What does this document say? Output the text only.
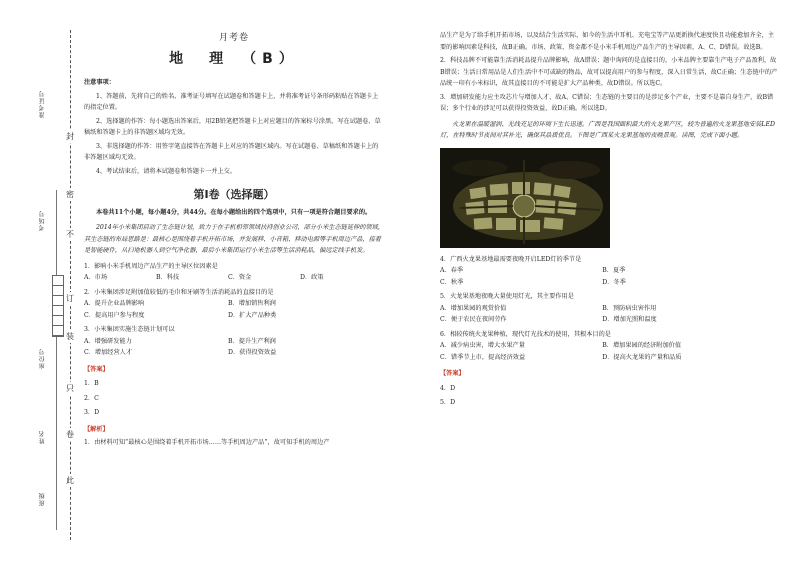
封
密
不
订
装
只
卷
此
准考证号
考场号
座位号
姓名
班级
月考卷
地　理　（B）
注意事项：

1、答题前，先将自己的姓名、准考证号填写在试题卷和答题卡上，并将准考证号条形码粘贴在答题卡上的指定位置。

2、选择题的作答：每小题选出答案后，用2B铅笔把答题卡上对应题目的答案标号涂黑，写在试题卷、草稿纸和答题卡上的非答题区域均无效。

3、非选择题的作答：用签字笔直接答在答题卡上对应的答题区域内。写在试题卷、草稿纸和答题卡上的非答题区域均无效。

4、考试结束后，请将本试题卷和答题卡一并上交。

第Ⅰ卷（选择题）
本卷共11个小题，每小题4分，共44分。在每小题给出的四个选项中，只有一项是符合题目要求的。

2014年小米集团启动了生态链计划，致力于在手机相邻领域扶持创业公司，部分小米生态链延伸的领域，其生态链的布局思路是：最核心是围绕着手机开拓市场，并发展移、小音箱、移动电源等手机周边产品，接着是智能硬件，从扫地机器人到空气净化器，最后小米集团运行小米生活等生活消耗品，偏远定线手机发。

1．影响小米手机周边产品生产的主导区位因素是
A．市场	B．科技	C．资金	D．政策
2．小米集团涉足附加值较低的毛巾和牙刷等生活消耗品的直接目的是
A．提升企业品牌影响	B．增加销售利润
C．提高用户参与程度	D．扩大产品种类
3．小米集团实施生态链计划可以
A．增强研发能力	B．提升生产利润
C．增加经营人才	D．获得投资效益
【答案】
1．B
2．C
3．D
【解析】
1．由材料可知“最核心是围绕着手机开拓市场……等手机周边产品”，故可知手机的周边产

品生产是为了给手机开拓市场，以及结合生活实际，如今的生活中耳机、充电宝等产品更新换代速度快且功能愈加齐全，主要的影响因素是科技，故B正确。市场、政策、资金都不是小米手机周边产品生产的主导因素，A、C、D错误。故选B。

2．科技品牌不可能靠生活消耗品提升品牌影响，故A错误；题中询问的是直接目的，小米品牌主要靠生产电子产品盈利，故B错误；生活日常用品是人们生活中不可或缺的物品，故可以提高用户的参与程度，深入日常生活，故C正确；生态链中的产品统一印有小米标识，故其直接目的不可能是扩大产品种类，故D错误。所以选C。

3．增加研发能力应主攻芯片与增加人才，故A、C错误；生态链的主要目的是涉足多个产业，主要不是靠自身生产，故B错误；多个行业的涉足可以获得投资效益，故D正确。所以选D。

火龙果在温暖湿润、光线充足的环境下生长迅速。广西是我国面积最大的火龙果产区，较为普遍的火龙果基地安装LED灯，在特殊时节夜间对其补光，确保其品质优良。下图是广西某火龙果基地的夜晚景观。读图，完成下面小题。

4．广西火龙果基地最需要夜晚开启LED灯的季节是
A．春季	B．夏季
C．秋季	D．冬季
5．火龙果基地夜晚大量使用灯光，其主要作用是
A．增加果园的观赏价值	B．预防病虫害作用
C．便于农民在夜间劳作	D．增加光照和温度
6．相较传统火龙果种植，现代灯光技术的使用，其根本目的是
A．减少病虫害，增大水果产量	B．增加果园的经济附加价值
C．错季节上市，提高经济效益	D．提高火龙果的产量和品质
【答案】
4．D
5．D
